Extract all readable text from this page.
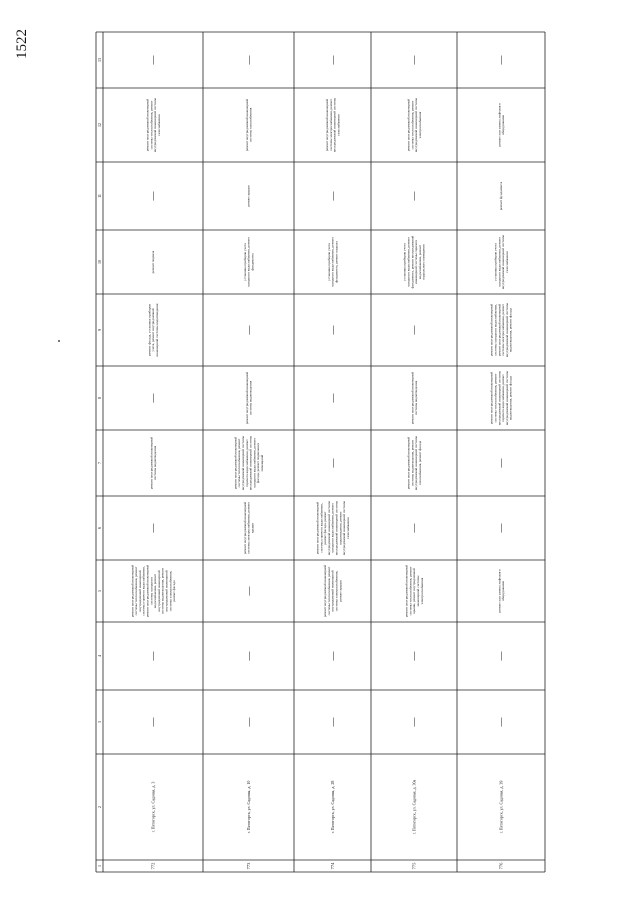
1522
1
2
3
4
5
6
7
8
9
10
11
12
13
772
г. Пятигорск, ул. Садовая, д. 3
—
—
ремонт внутридомовой инженернойсистемы теплоснабжения, ремонтвнутридомовой инженернойсистемы горячего водоснабжения,ремонт внутридомовой инженернойсистемы холодноговодоснабжения, ремонтвнутридомовой инженернойсистемы водоотведения, ремонтвнутридомовой инженернойсистемы электроснабжения,ремонт фасада
—
ремонт внутридомовой инженернойсистемы водоотведения
—
ремонт фасада, установка приборовучета, ремонт внутридомовойинженерной системы водоотведения
ремонт подвала
—
ремонт внутридомовой инженернойсистемы теплоснабжения, ремонтвнутридомовой инженерной системыгазоснабжения
—
773
г. Пятигорск, ул. Садовая, д. 10
—
—
—
ремонт внутридомовой инженернойсистемы электроснабжения, ремонткрыши
ремонт внутридомовой инженернойсистемы теплоснабжения, ремонтвнутридомовой инженерной системыгорячего водоснабжения, ремонтвнутридомовой инженерной системыхолодного водоснабжения, ремонтфасада, ремонт подвальныхпомещений
ремонт внутридомовой инженернойсистемы водоотведения
—
установка приборов учетахолодного водоснабжения, ремонтфундамента
ремонт крыши
ремонт внутридомовой инженернойсистемы газоснабжения
—
774
г. Пятигорск, ул. Садовая, д. 28
—
—
ремонт внутридомовой инженернойсистемы теплоснабжения, ремонтвнутридомовой инженернойсистемы электроснабжения,ремонт крыши
ремонт внутридомовой инженернойсистемы горячего водоснабжения,ремонт фасада, ремонтвнутридомовой инженерной системыхолодного водоснабжения, ремонтвнутридомовой инженерной системыводоотведения, ремонтвнутридомовой инженерной системыгазоснабжения
—
—
—
установка приборов учетахолодного водоснабжения, ремонтфундамента, ремонт подвала
—
ремонт внутридомовой инженернойсистемы электроснабжения, ремонтвнутридомовой инженерной системыгазоснабжения
—
775
г. Пятигорск, ул. Садовая, д. 30а
—
—
ремонт внутридомовой инженернойсистемы теплоснабжения, ремонткрыши, ремонт внутридомовойинженерной системыэлектроснабжения
—
ремонт внутридомовой инженернойсистемы водоотведения, ремонтвнутридомовой инженерной системыгазоснабжения, ремонт фасада
ремонт внутридомовой инженернойсистемы водоотведения
—
установка приборов учетахолодного водоснабжения, ремонтфундамента, ремонт внутридомовойинженерной системы горячеговодоснабжения, ремонтподвального помещения
—
ремонт внутридомовой инженернойсистемы теплоснабжения, ремонтвнутридомовой инженерной системыэлектроснабжения
—
776
г. Пятигорск, ул. Садовая, д. 39
—
—
ремонт или замена лифтовогооборудования
—
—
ремонт внутридомовой инженернойсистемы теплоснабжения, ремонтвнутридомовой инженерной системыгорячего водоснабжения, ремонтвнутридомовой инженерной системыводоотведения, ремонт фасада
ремонт внутридомовой инженернойсистемы холодного водоснабжения,ремонт внутридомовой инженернойсистемы электроснабжения, ремонтвнутридомовой инженерной системыводоотведения, ремонт фасада
установка приборов учетахолодного водоснабжения, ремонтвнутридомовой инженерной системыгазоснабжения
ремонт фундамента
ремонт или замена лифтовогооборудования
—
